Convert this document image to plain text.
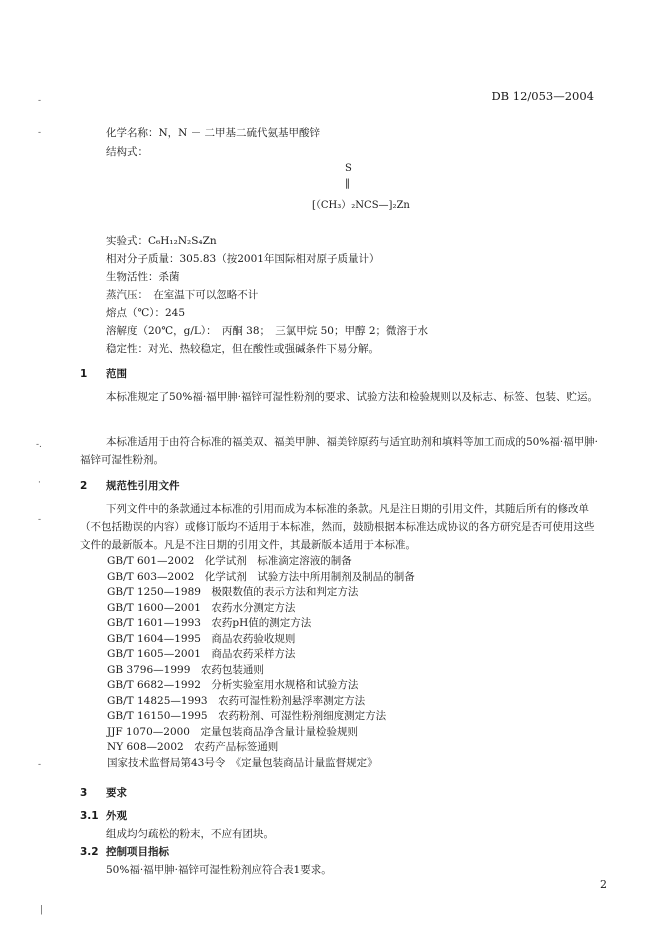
DB 12/053—2004
-
-
-.
·
-
-
|
化学名称：N，N － 二甲基二硫代氨基甲酸锌
结构式：
S
‖
[（CH₃）₂NCS—]₂Zn
实验式：C₆H₁₂N₂S₄Zn
相对分子质量：305.83（按2001年国际相对原子质量计）
生物活性：杀菌
蒸汽压：　在室温下可以忽略不计
熔点（℃）：245
溶解度（20℃，g/L）：　丙酮 38；　三氯甲烷 50；甲醇 2；微溶于水
稳定性：对光、热较稳定，但在酸性或强碱条件下易分解。
1 范围
本标准规定了50%福·福甲胂·福锌可湿性粉剂的要求、试验方法和检验规则以及标志、标签、包装、贮运。
本标准适用于由符合标准的福美双、福美甲胂、福美锌原药与适宜助剂和填料等加工而成的50%福·福甲胂·福锌可湿性粉剂。
2 规范性引用文件
下列文件中的条款通过本标准的引用而成为本标准的条款。凡是注日期的引用文件，其随后所有的修改单（不包括勘误的内容）或修订版均不适用于本标准，然而，鼓励根据本标准达成协议的各方研究是否可使用这些文件的最新版本。凡是不注日期的引用文件，其最新版本适用于本标准。
GB/T 601—2002　化学试剂　标准滴定溶液的制备
GB/T 603—2002　化学试剂　试验方法中所用制剂及制品的制备
GB/T 1250—1989　极限数值的表示方法和判定方法
GB/T 1600—2001　农药水分测定方法
GB/T 1601—1993　农药pH值的测定方法
GB/T 1604—1995　商品农药验收规则
GB/T 1605—2001　商品农药采样方法
GB 3796—1999　农药包装通则
GB/T 6682—1992　分析实验室用水规格和试验方法
GB/T 14825—1993　农药可湿性粉剂悬浮率测定方法
GB/T 16150—1995　农药粉剂、可湿性粉剂细度测定方法
JJF 1070—2000　定量包装商品净含量计量检验规则
NY 608—2002　农药产品标签通则
国家技术监督局第43号令　《定量包装商品计量监督规定》
3 要求
3.1 外观
组成均匀疏松的粉末，不应有团块。
3.2 控制项目指标
50%福·福甲胂·福锌可湿性粉剂应符合表1要求。
2
